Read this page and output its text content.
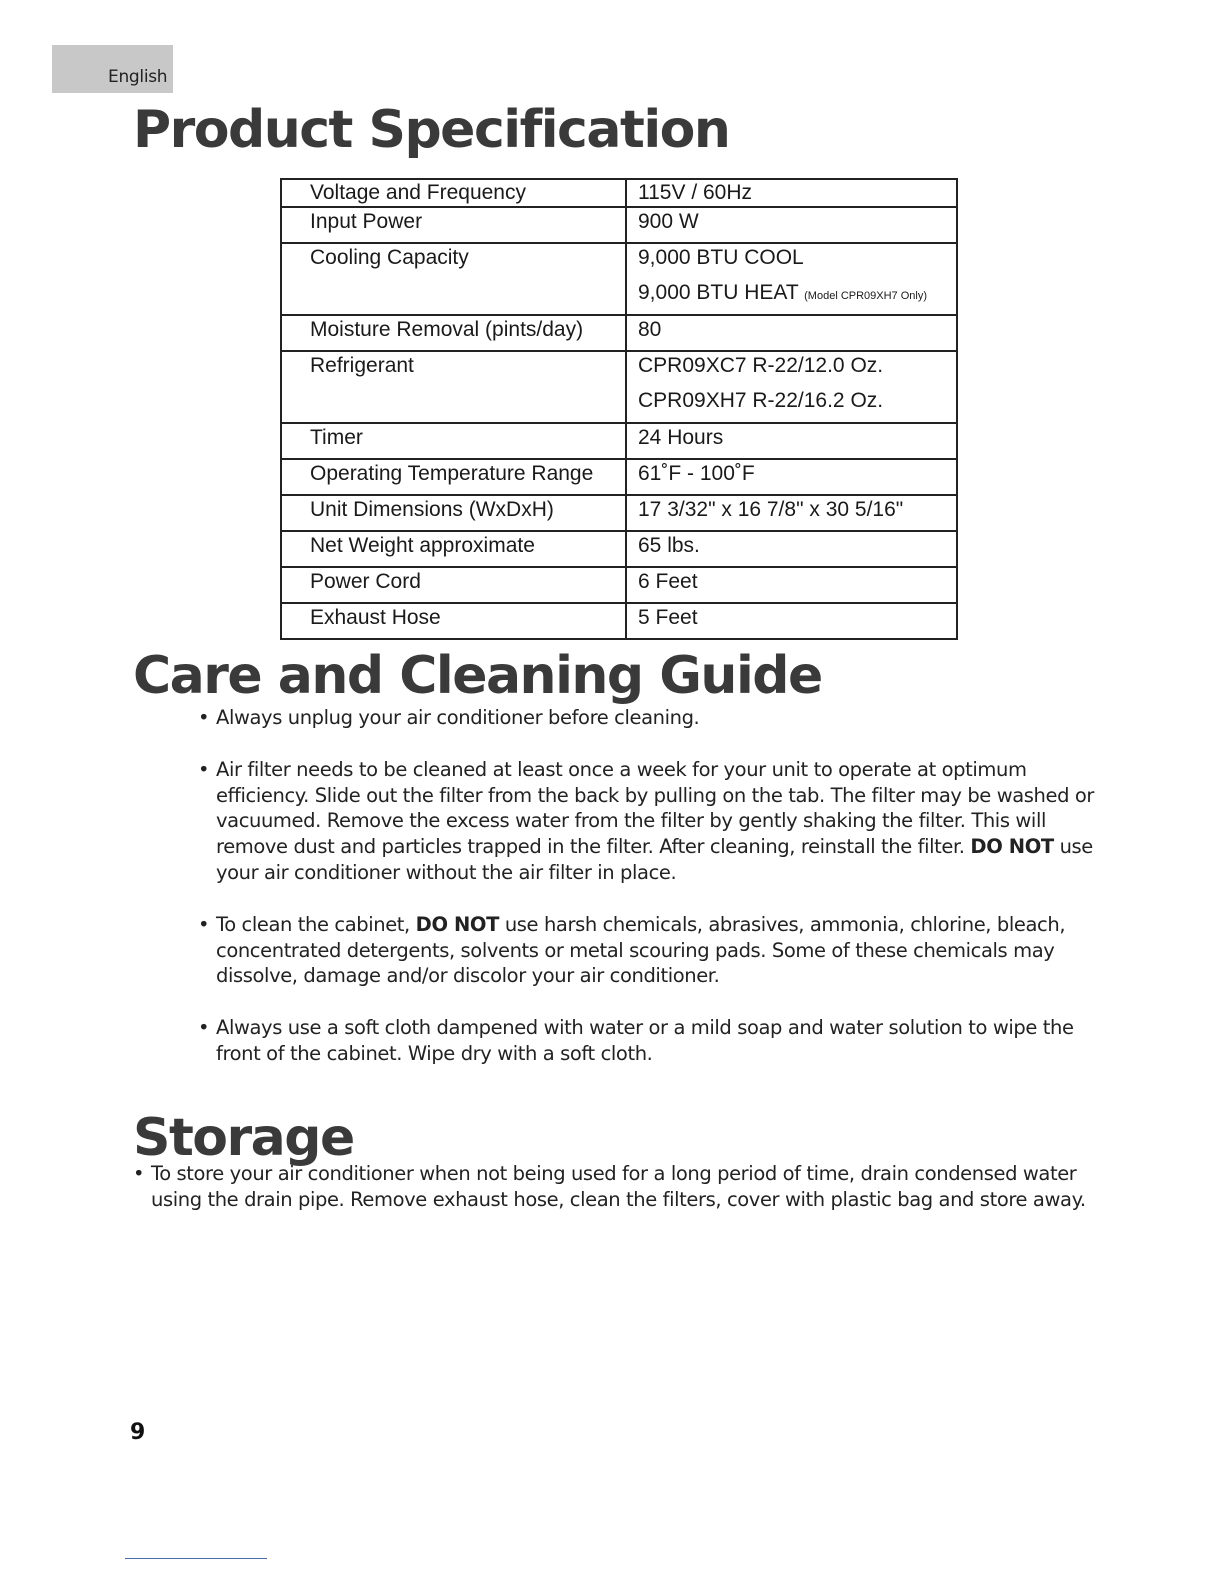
English
Product Specification
Voltage and Frequency	115V / 60Hz

Input Power	900 W

Cooling Capacity	9,000 BTU COOL
9,000 BTU HEAT (Model CPR09XH7 Only)

Moisture Removal (pints/day)	80

Refrigerant	CPR09XC7 R-22/12.0 Oz.
CPR09XH7 R-22/16.2 Oz.

Timer	24 Hours

Operating Temperature Range	61˚F - 100˚F

Unit Dimensions (WxDxH)	17 3/32" x 16 7/8" x 30 5/16"

Net Weight approximate	65 lbs.

Power Cord	6 Feet

Exhaust Hose	5 Feet
Care and Cleaning Guide
• Always unplug your air conditioner before cleaning.
• Air filter needs to be cleaned at least once a week for your unit to operate at optimum efficiency. Slide out the filter from the back by pulling on the tab. The filter may be washed or vacuumed. Remove the excess water from the filter by gently shaking the filter. This will remove dust and particles trapped in the filter. After cleaning, reinstall the filter. DO NOT use your air conditioner without the air filter in place.
• To clean the cabinet, DO NOT use harsh chemicals, abrasives, ammonia, chlorine, bleach, concentrated detergents, solvents or metal scouring pads. Some of these chemicals may dissolve, damage and/or discolor your air conditioner.
• Always use a soft cloth dampened with water or a mild soap and water solution to wipe the front of the cabinet. Wipe dry with a soft cloth.
Storage
• To store your air conditioner when not being used for a long period of time, drain condensed water using the drain pipe. Remove exhaust hose, clean the filters, cover with plastic bag and store away.
9
